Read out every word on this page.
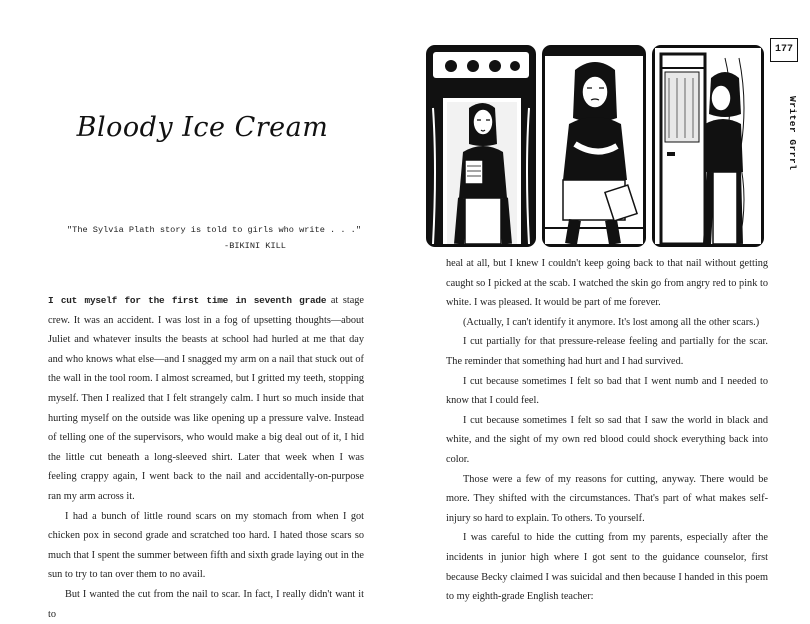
Bloody Ice Cream
"The Sylvia Plath story is told to girls who write . . ."

-BIKINI KILL

I cut myself for the first time in seventh grade at stage crew. It was an accident. I was lost in a fog of upsetting thoughts—about Juliet and whatever insults the beasts at school had hurled at me that day and who knows what else—and I snagged my arm on a nail that stuck out of the wall in the tool room. I almost screamed, but I gritted my teeth, stopping myself. Then I realized that I felt strangely calm. I hurt so much inside that hurting myself on the outside was like opening up a pressure valve. Instead of telling one of the supervisors, who would make a big deal out of it, I hid the little cut beneath a long-sleeved shirt. Later that week when I was feeling crappy again, I went back to the nail and accidentally-on-purpose ran my arm across it.

I had a bunch of little round scars on my stomach from when I got chicken pox in second grade and scratched too hard. I hated those scars so much that I spent the summer between fifth and sixth grade laying out in the sun to try to tan over them to no avail.

But I wanted the cut from the nail to scar. In fact, I really didn't want it to

177
Writer Grrrl

heal at all, but I knew I couldn't keep going back to that nail without getting caught so I picked at the scab. I watched the skin go from angry red to pink to white. I was pleased. It would be part of me forever.

(Actually, I can't identify it anymore. It's lost among all the other scars.)

I cut partially for that pressure-release feeling and partially for the scar. The reminder that something had hurt and I had survived.

I cut because sometimes I felt so bad that I went numb and I needed to know that I could feel.

I cut because sometimes I felt so sad that I saw the world in black and white, and the sight of my own red blood could shock everything back into color.

Those were a few of my reasons for cutting, anyway. There would be more. They shifted with the circumstances. That's part of what makes self-injury so hard to explain. To others. To yourself.

I was careful to hide the cutting from my parents, especially after the incidents in junior high where I got sent to the guidance counselor, first because Becky claimed I was suicidal and then because I handed in this poem to my eighth-grade English teacher:
